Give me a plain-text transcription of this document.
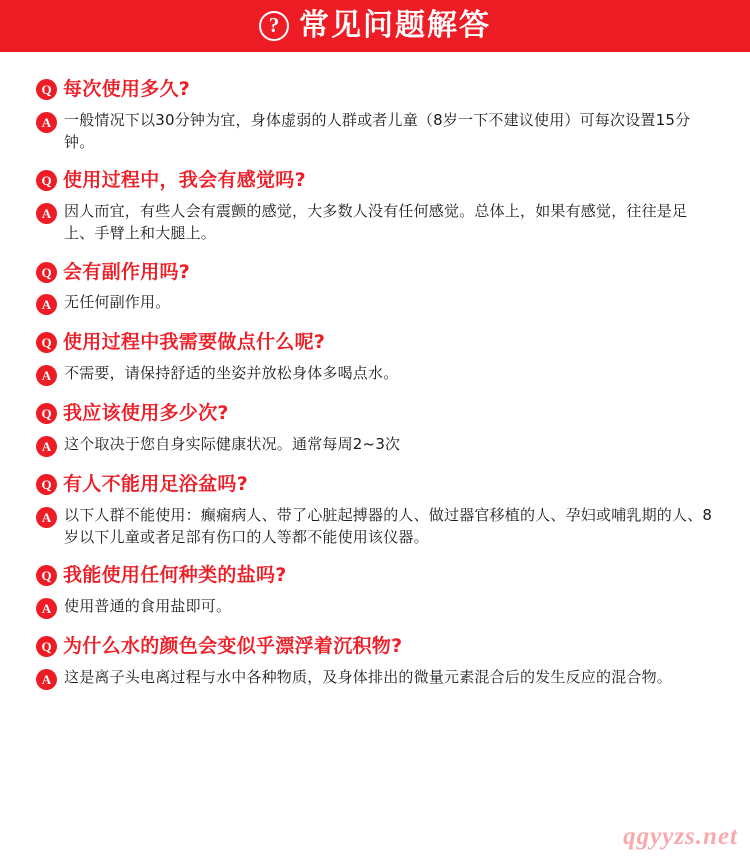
? 常见问题解答
Q 每次使用多久?
A 一般情况下以30分钟为宜，身体虚弱的人群或者儿童（8岁一下不建议使用）可每次设置15分钟。
Q 使用过程中，我会有感觉吗?
A 因人而宜，有些人会有震颤的感觉，大多数人没有任何感觉。总体上，如果有感觉，往往是足上、手臂上和大腿上。
Q 会有副作用吗?
A 无任何副作用。
Q 使用过程中我需要做点什么呢?
A 不需要，请保持舒适的坐姿并放松身体多喝点水。
Q 我应该使用多少次?
A 这个取决于您自身实际健康状况。通常每周2~3次
Q 有人不能用足浴盆吗?
A 以下人群不能使用：癫痫病人、带了心脏起搏器的人、做过器官移植的人、孕妇或哺乳期的人、8岁以下儿童或者足部有伤口的人等都不能使用该仪器。
Q 我能使用任何种类的盐吗?
A 使用普通的食用盐即可。
Q 为什么水的颜色会变似乎漂浮着沉积物?
A 这是离子头电离过程与水中各种物质，及身体排出的微量元素混合后的发生反应的混合物。
qgyyzs.net
